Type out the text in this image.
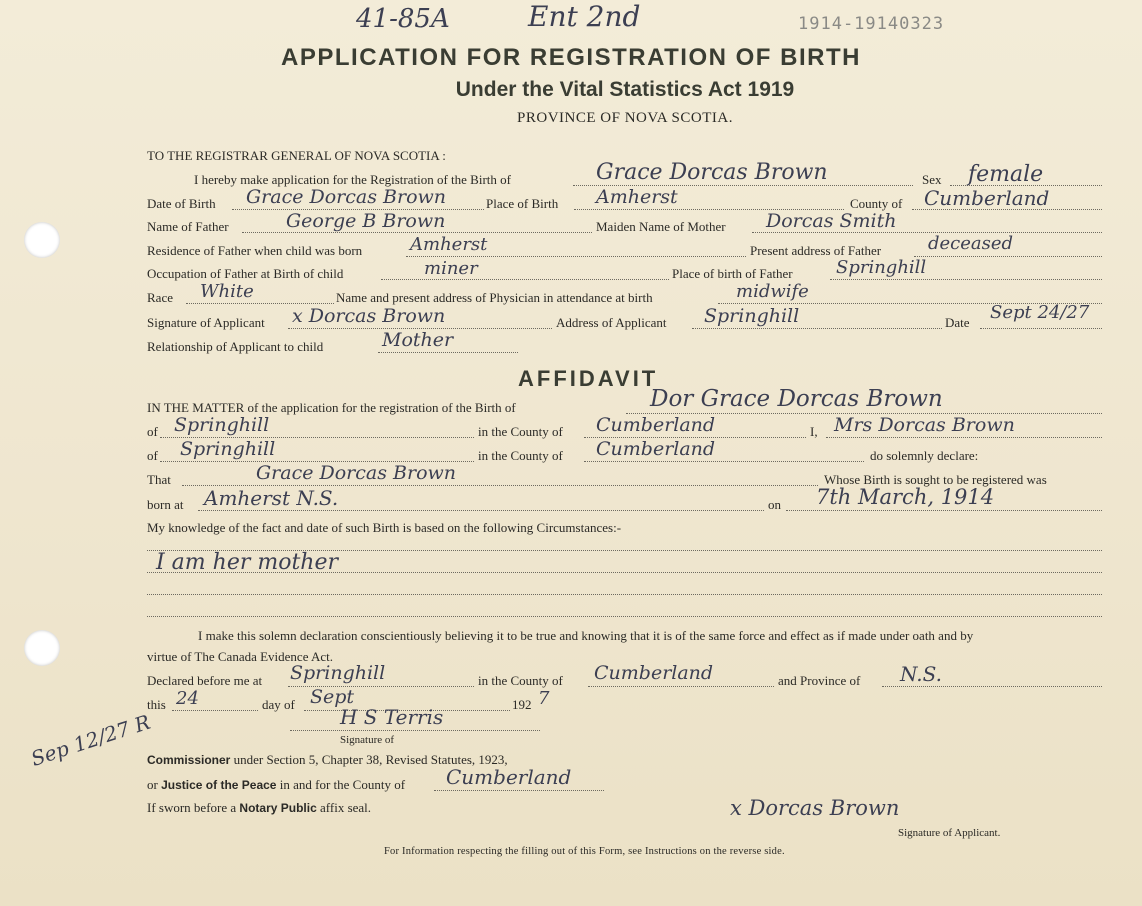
41-85A	Ent 2nd	1914-19140323
APPLICATION FOR REGISTRATION OF BIRTH
Under the Vital Statistics Act 1919
PROVINCE OF NOVA SCOTIA.
TO THE REGISTRAR GENERAL OF NOVA SCOTIA :
I hereby make application for the Registration of the Birth of	Grace Dorcas Brown	Sex female
Date of Birth Grace Dorcas Brown	Place of Birth Amherst	County of Cumberland
Name of Father	George B Brown	Maiden Name of Mother Dorcas Smith
Residence of Father when child was born	Amherst	Present address of Father	deceased
Occupation of Father at Birth of child	miner	Place of birth of Father Springhill
Race White	Name and present address of Physician in attendance at birth	midwife
Signature of Applicant x Dorcas Brown	Address of Applicant Springhill	Date Sept 24/27
Relationship of Applicant to child	Mother
AFFIDAVIT
IN THE MATTER of the application for the registration of the Birth of	Dor Grace Dorcas Brown
of Springhill	in the County of Cumberland	I, Mrs Dorcas Brown
of Springhill	in the County of Cumberland	do solemnly declare:
That	Grace Dorcas Brown	Whose Birth is sought to be registered was
born at Amherst N.S.	on 7th March, 1914
My knowledge of the fact and date of such Birth is based on the following Circumstances:-
I am her mother
I make this solemn declaration conscientiously believing it to be true and knowing that it is of the same force and effect as if made under oath and by
virtue of The Canada Evidence Act.
Declared before me at Springhill	in the County of Cumberland	and Province of N.S.
this 24	day of Sept	192 7
H S Terris
Signature of
Commissioner under Section 5, Chapter 38, Revised Statutes, 1923,
or Justice of the Peace in and for the County of Cumberland
If sworn before a Notary Public affix seal.	x Dorcas Brown
Signature of Applicant.
Sep 12/27 R
For Information respecting the filling out of this Form, see Instructions on the reverse side.
